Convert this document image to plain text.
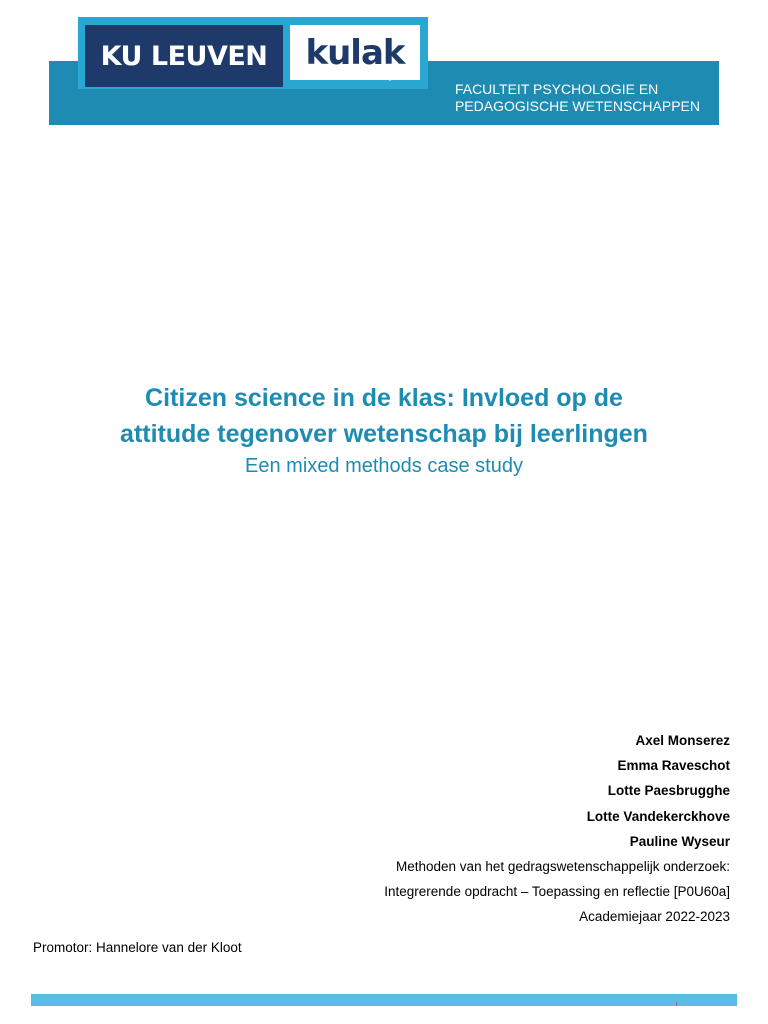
KU LEUVEN	kulak
FACULTEIT PSYCHOLOGIE EN
PEDAGOGISCHE WETENSCHAPPEN
Citizen science in de klas: Invloed op de
attitude tegenover wetenschap bij leerlingen
Een mixed methods case study
Axel Monserez
Emma Raveschot
Lotte Paesbrugghe
Lotte Vandekerckhove
Pauline Wyseur
Methoden van het gedragswetenschappelijk onderzoek:
Integrerende opdracht – Toepassing en reflectie [P0U60a]
Academiejaar 2022-2023
Promotor: Hannelore van der Kloot
